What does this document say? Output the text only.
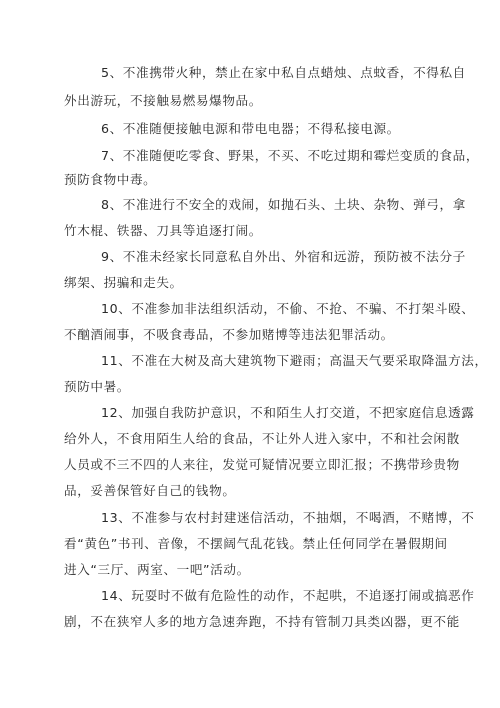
5、不准携带火种，禁止在家中私自点蜡烛、点蚊香，不得私自
外出游玩，不接触易燃易爆物品。
6、不准随便接触电源和带电电器；不得私接电源。
7、不准随便吃零食、野果，不买、不吃过期和霉烂变质的食品，
预防食物中毒。
8、不准进行不安全的戏闹，如抛石头、土块、杂物、弹弓，拿
竹木棍、铁器、刀具等追逐打闹。
9、不准未经家长同意私自外出、外宿和远游，预防被不法分子
绑架、拐骗和走失。
10、不准参加非法组织活动，不偷、不抢、不骗、不打架斗殴、
不酗酒闹事，不吸食毒品，不参加赌博等违法犯罪活动。
11、不准在大树及高大建筑物下避雨；高温天气要采取降温方法，
预防中暑。
12、加强自我防护意识，不和陌生人打交道，不把家庭信息透露
给外人，不食用陌生人给的食品，不让外人进入家中，不和社会闲散
人员或不三不四的人来往，发觉可疑情况要立即汇报；不携带珍贵物
品，妥善保管好自己的钱物。
13、不准参与农村封建迷信活动，不抽烟，不喝酒，不赌博，不
看“黄色”书刊、音像，不摆阔气乱花钱。禁止任何同学在暑假期间
进入“三厅、两室、一吧”活动。
14、玩耍时不做有危险性的动作，不起哄，不追逐打闹或搞恶作
剧，不在狭窄人多的地方急速奔跑，不持有管制刀具类凶器，更不能
